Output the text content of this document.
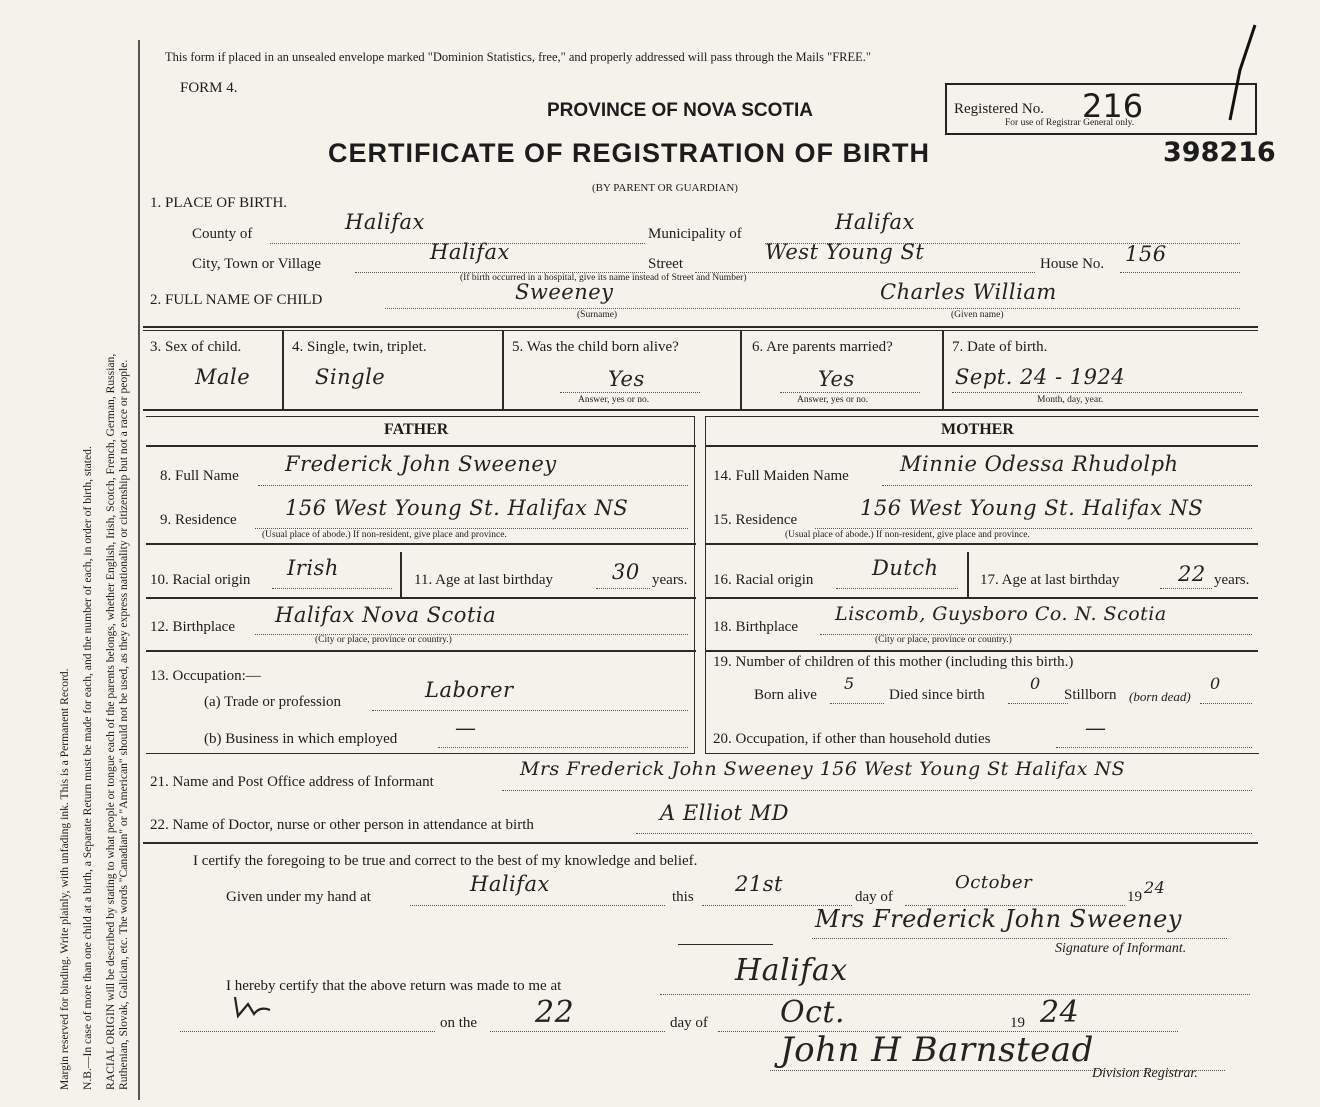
Margin reserved for binding. Write plainly, with unfading ink. This is a Permanent Record. N.B.—In case of more than one child at a birth, a Separate Return must be made for each, and the number of each, in order of birth, stated. RACIAL ORIGIN will be described by stating to what people or tongue each of the parents belongs, whether English, Irish, Scotch, French, German, Russian, Ruthenian, Slovak, Galician, etc. The words "Canadian" or "American" should not be used, as they express nationality or citizenship but not a race or people.
This form if placed in an unsealed envelope marked "Dominion Statistics, free," and properly addressed will pass through the Mails "FREE."
FORM 4.
PROVINCE OF NOVA SCOTIA
CERTIFICATE OF REGISTRATION OF BIRTH
(BY PARENT OR GUARDIAN)
Registered No. 216
For use of Registrar General only.
398216
1. PLACE OF BIRTH.
County of	Halifax	Municipality of	Halifax
City, Town or Village	Halifax	Street	West Young St	House No. 156
(If birth occurred in a hospital, give its name instead of Street and Number)
2. FULL NAME OF CHILD	Sweeney
(Surname)
Charles William
(Given name)
3. Sex of child.
Male
4. Single, twin, triplet.
Single
5. Was the child born alive?
Yes
Answer, yes or no.
6. Are parents married?
Yes
Answer, yes or no.
7. Date of birth.
Sept. 24 - 1924
Month, day, year.
FATHER	MOTHER
8. Full Name Frederick John Sweeney
9. Residence 156 West Young St. Halifax NS
(Usual place of abode.) If non-resident, give place and province.
10. Racial origin Irish	11. Age at last birthday	30 years.
12. Birthplace Halifax Nova Scotia
(City or place, province or country.)
13. Occupation:—
(a) Trade or profession	Laborer
(b) Business in which employed	—
14. Full Maiden Name Minnie Odessa Rhudolph
15. Residence	156 West Young St. Halifax NS
(Usual place of abode.) If non-resident, give place and province.
16. Racial origin	Dutch	17. Age at last birthday	22 years.
18. Birthplace
Liscomb, Guysboro Co. N. Scotia
(City or place, province or country.)
19. Number of children of this mother (including this birth.)
Born alive
5
Died since birth
0
Stillborn (born dead)
0
20. Occupation, if other than household duties	—
21. Name and Post Office address of Informant
Mrs Frederick John Sweeney 156 West Young St Halifax NS
22. Name of Doctor, nurse or other person in attendance at birth	A Elliot MD
I certify the foregoing to be true and correct to the best of my knowledge and belief.
Given under my hand at
Halifax
this
21st
day of
October
19 24
Mrs Frederick John Sweeney
Signature of Informant.
I hereby certify that the above return was made to me at	Halifax
on the 22	day of Oct.	19 24
John H Barnstead
Division Registrar.
